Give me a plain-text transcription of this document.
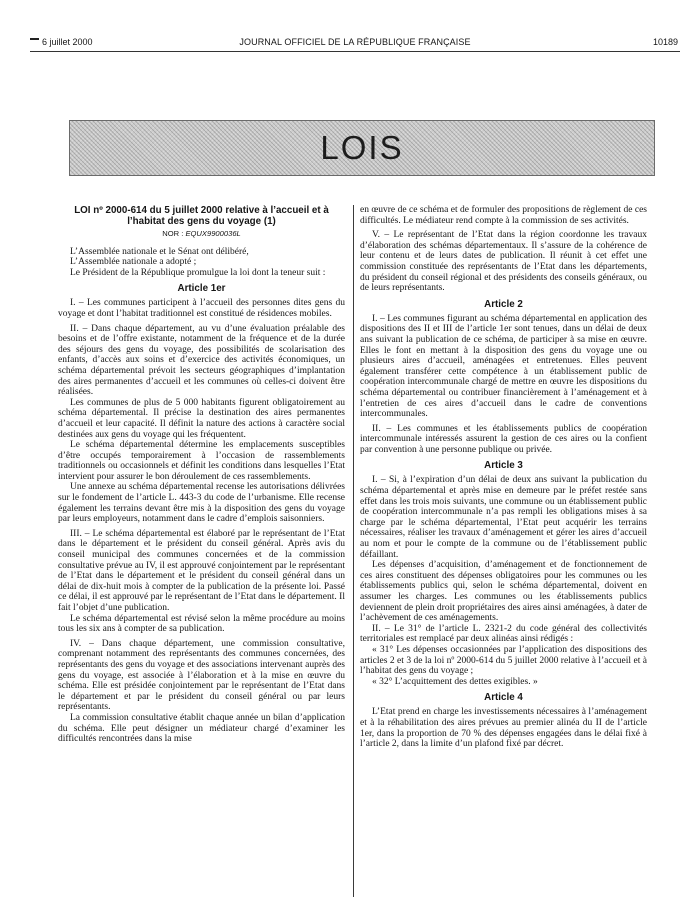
6 juillet 2000	JOURNAL OFFICIEL DE LA RÉPUBLIQUE FRANÇAISE	10189
LOIS

LOI nº 2000-614 du 5 juillet 2000 relative à l’accueil et à l’habitat des gens du voyage (1)

NOR : EQUX9900036L

L’Assemblée nationale et le Sénat ont délibéré,

L’Assemblée nationale a adopté ;

Le Président de la République promulgue la loi dont la teneur suit :

Article 1er

I. – Les communes participent à l’accueil des personnes dites gens du voyage et dont l’habitat traditionnel est constitué de résidences mobiles.

II. – Dans chaque département, au vu d’une évaluation préalable des besoins et de l’offre existante, notamment de la fréquence et de la durée des séjours des gens du voyage, des possibilités de scolarisation des enfants, d’accès aux soins et d’exercice des activités économiques, un schéma départemental prévoit les secteurs géographiques d’implantation des aires permanentes d’accueil et les communes où celles-ci doivent être réalisées.

Les communes de plus de 5 000 habitants figurent obligatoirement au schéma départemental. Il précise la destination des aires permanentes d’accueil et leur capacité. Il définit la nature des actions à caractère social destinées aux gens du voyage qui les fréquentent.

Le schéma départemental détermine les emplacements susceptibles d’être occupés temporairement à l’occasion de rassemblements traditionnels ou occasionnels et définit les conditions dans lesquelles l’Etat intervient pour assurer le bon déroulement de ces rassemblements.

Une annexe au schéma départemental recense les autorisations délivrées sur le fondement de l’article L. 443-3 du code de l’urbanisme. Elle recense également les terrains devant être mis à la disposition des gens du voyage par leurs employeurs, notamment dans le cadre d’emplois saisonniers.

III. – Le schéma départemental est élaboré par le représentant de l’Etat dans le département et le président du conseil général. Après avis du conseil municipal des communes concernées et de la commission consultative prévue au IV, il est approuvé conjointement par le représentant de l’Etat dans le département et le président du conseil général dans un délai de dix-huit mois à compter de la publication de la présente loi. Passé ce délai, il est approuvé par le représentant de l’Etat dans le département. Il fait l’objet d’une publication.

Le schéma départemental est révisé selon la même procédure au moins tous les six ans à compter de sa publication.

IV. – Dans chaque département, une commission consultative, comprenant notamment des représentants des communes concernées, des représentants des gens du voyage et des associations intervenant auprès des gens du voyage, est associée à l’élaboration et à la mise en œuvre du schéma. Elle est présidée conjointement par le représentant de l’Etat dans le département et par le président du conseil général ou par leurs représentants.

La commission consultative établit chaque année un bilan d’application du schéma. Elle peut désigner un médiateur chargé d’examiner les difficultés rencontrées dans la mise

en œuvre de ce schéma et de formuler des propositions de règlement de ces difficultés. Le médiateur rend compte à la commission de ses activités.

V. – Le représentant de l’Etat dans la région coordonne les travaux d’élaboration des schémas départementaux. Il s’assure de la cohérence de leur contenu et de leurs dates de publication. Il réunit à cet effet une commission constituée des représentants de l’Etat dans les départements, du président du conseil régional et des présidents des conseils généraux, ou de leurs représentants.

Article 2

I. – Les communes figurant au schéma départemental en application des dispositions des II et III de l’article 1er sont tenues, dans un délai de deux ans suivant la publication de ce schéma, de participer à sa mise en œuvre. Elles le font en mettant à la disposition des gens du voyage une ou plusieurs aires d’accueil, aménagées et entretenues. Elles peuvent également transférer cette compétence à un établissement public de coopération intercommunale chargé de mettre en œuvre les dispositions du schéma départemental ou contribuer financièrement à l’aménagement et à l’entretien de ces aires d’accueil dans le cadre de conventions intercommunales.

II. – Les communes et les établissements publics de coopération intercommunale intéressés assurent la gestion de ces aires ou la confient par convention à une personne publique ou privée.

Article 3

I. – Si, à l’expiration d’un délai de deux ans suivant la publication du schéma départemental et après mise en demeure par le préfet restée sans effet dans les trois mois suivants, une commune ou un établissement public de coopération intercommunale n’a pas rempli les obligations mises à sa charge par le schéma départemental, l’Etat peut acquérir les terrains nécessaires, réaliser les travaux d’aménagement et gérer les aires d’accueil au nom et pour le compte de la commune ou de l’établissement public défaillant.

Les dépenses d’acquisition, d’aménagement et de fonctionnement de ces aires constituent des dépenses obligatoires pour les communes ou les établissements publics qui, selon le schéma départemental, doivent en assumer les charges. Les communes ou les établissements publics deviennent de plein droit propriétaires des aires ainsi aménagées, à dater de l’achèvement de ces aménagements.

II. – Le 31° de l’article L. 2321-2 du code général des collectivités territoriales est remplacé par deux alinéas ainsi rédigés :

« 31° Les dépenses occasionnées par l’application des dispositions des articles 2 et 3 de la loi nº 2000-614 du 5 juillet 2000 relative à l’accueil et à l’habitat des gens du voyage ;

« 32° L’acquittement des dettes exigibles. »

Article 4

L’Etat prend en charge les investissements nécessaires à l’aménagement et à la réhabilitation des aires prévues au premier alinéa du II de l’article 1er, dans la proportion de 70 % des dépenses engagées dans le délai fixé à l’article 2, dans la limite d’un plafond fixé par décret.
